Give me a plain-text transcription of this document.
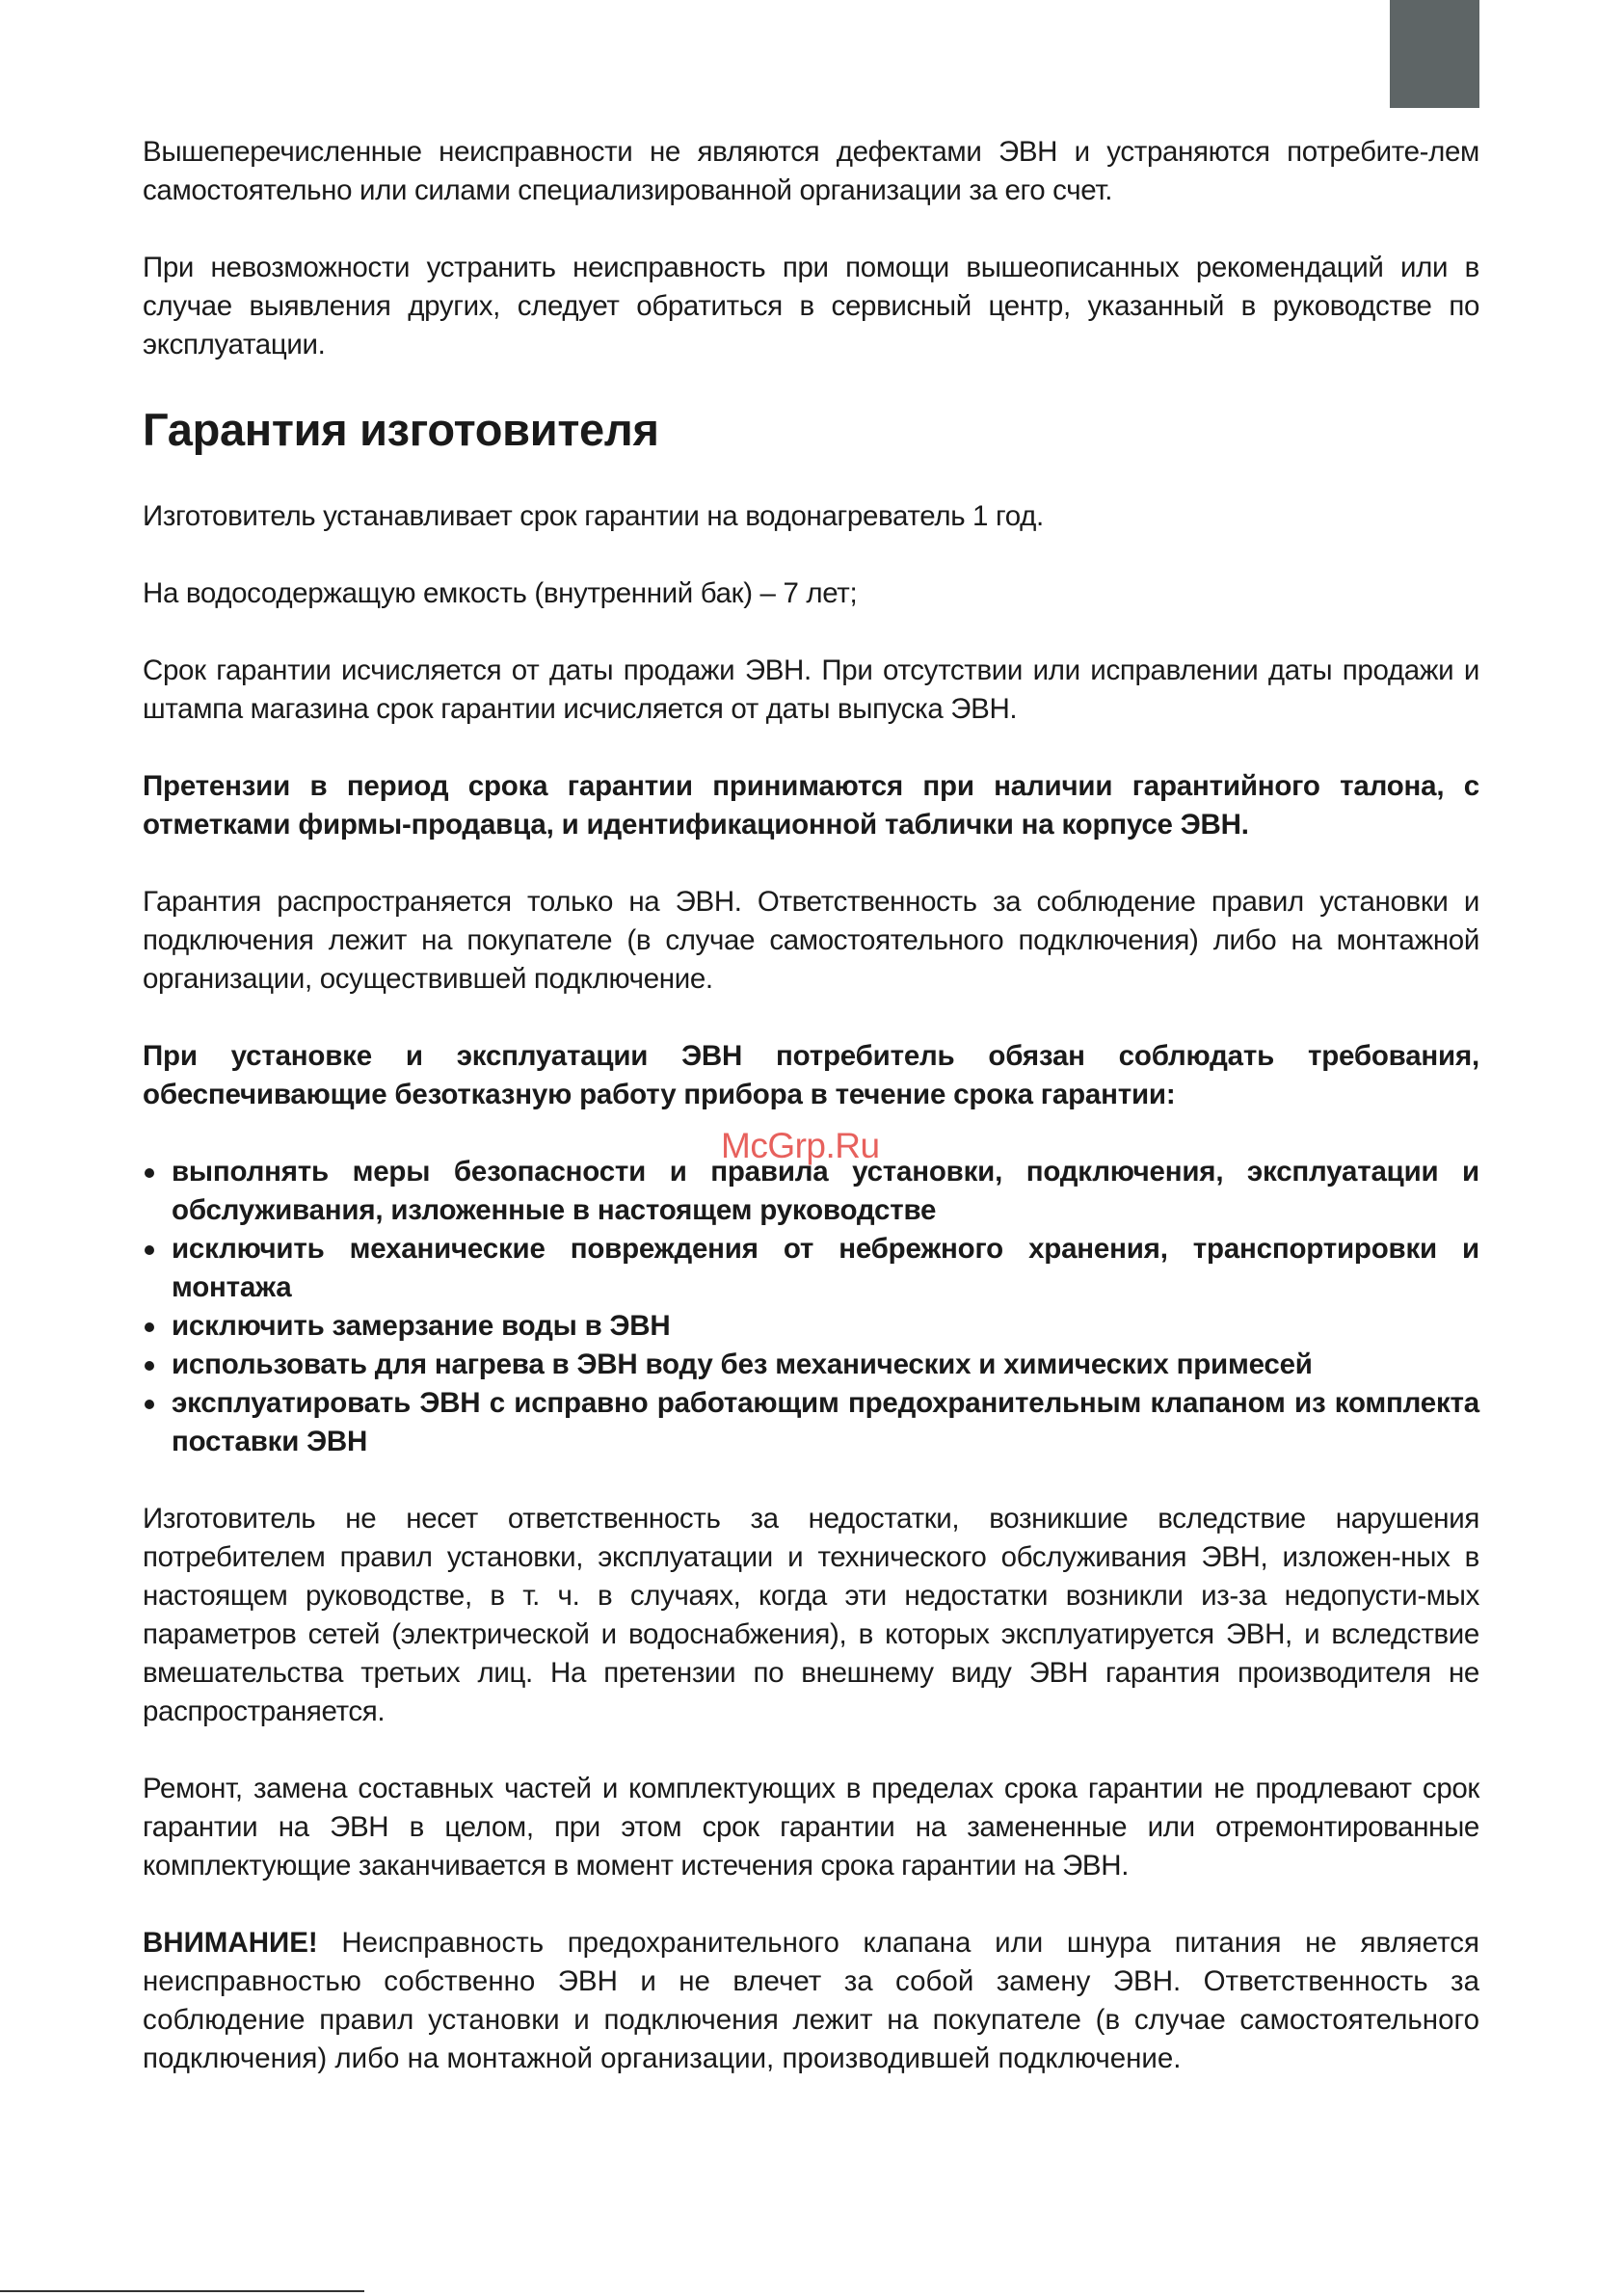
Вышеперечисленные неисправности не являются дефектами ЭВН и устраняются потребите-лем самостоятельно или силами специализированной организации за его счет.

При невозможности устранить неисправность при помощи вышеописанных рекомендаций или в случае выявления других, следует обратиться в сервисный центр, указанный в руководстве по эксплуатации.

Гарантия изготовителя

Изготовитель устанавливает срок гарантии на водонагреватель 1 год.

На водосодержащую емкость (внутренний бак) – 7 лет;

Срок гарантии исчисляется от даты продажи ЭВН. При отсутствии или исправлении даты продажи и штампа магазина срок гарантии исчисляется от даты выпуска ЭВН.

Претензии в период срока гарантии принимаются при наличии гарантийного талона, с отметками фирмы-продавца, и идентификационной таблички на корпусе ЭВН.

Гарантия распространяется только на ЭВН. Ответственность за соблюдение правил установки и подключения лежит на покупателе (в случае самостоятельного подключения) либо на монтажной организации, осуществившей подключение.

При установке и эксплуатации ЭВН потребитель обязан соблюдать требования, обеспечивающие безотказную работу прибора в течение срока гарантии:

выполнять меры безопасности и правила установки, подключения, эксплуатации и обслуживания, изложенные в настоящем руководстве
исключить механические повреждения от небрежного хранения, транспортировки и монтажа
исключить замерзание воды в ЭВН
использовать для нагрева в ЭВН воду без механических и химических примесей
эксплуатировать ЭВН с исправно работающим предохранительным клапаном из комплекта поставки ЭВН

Изготовитель не несет ответственность за недостатки, возникшие вследствие нарушения потребителем правил установки, эксплуатации и технического обслуживания ЭВН, изложен-ных в настоящем руководстве, в т. ч. в случаях, когда эти недостатки возникли из-за недопусти-мых параметров сетей (электрической и водоснабжения), в которых эксплуатируется ЭВН, и вследствие вмешательства третьих лиц. На претензии по внешнему виду ЭВН гарантия производителя не распространяется.

Ремонт, замена составных частей и комплектующих в пределах срока гарантии не продлевают срок гарантии на ЭВН в целом, при этом срок гарантии на замененные или отремонтированные комплектующие заканчивается в момент истечения срока гарантии на ЭВН.

ВНИМАНИЕ! Неисправность предохранительного клапана или шнура питания не является неисправностью собственно ЭВН и не влечет за собой замену ЭВН. Ответственность за соблюдение правил установки и подключения лежит на покупателе (в случае самостоятельного подключения) либо на монтажной организации, производившей подключение.

McGrp.Ru
